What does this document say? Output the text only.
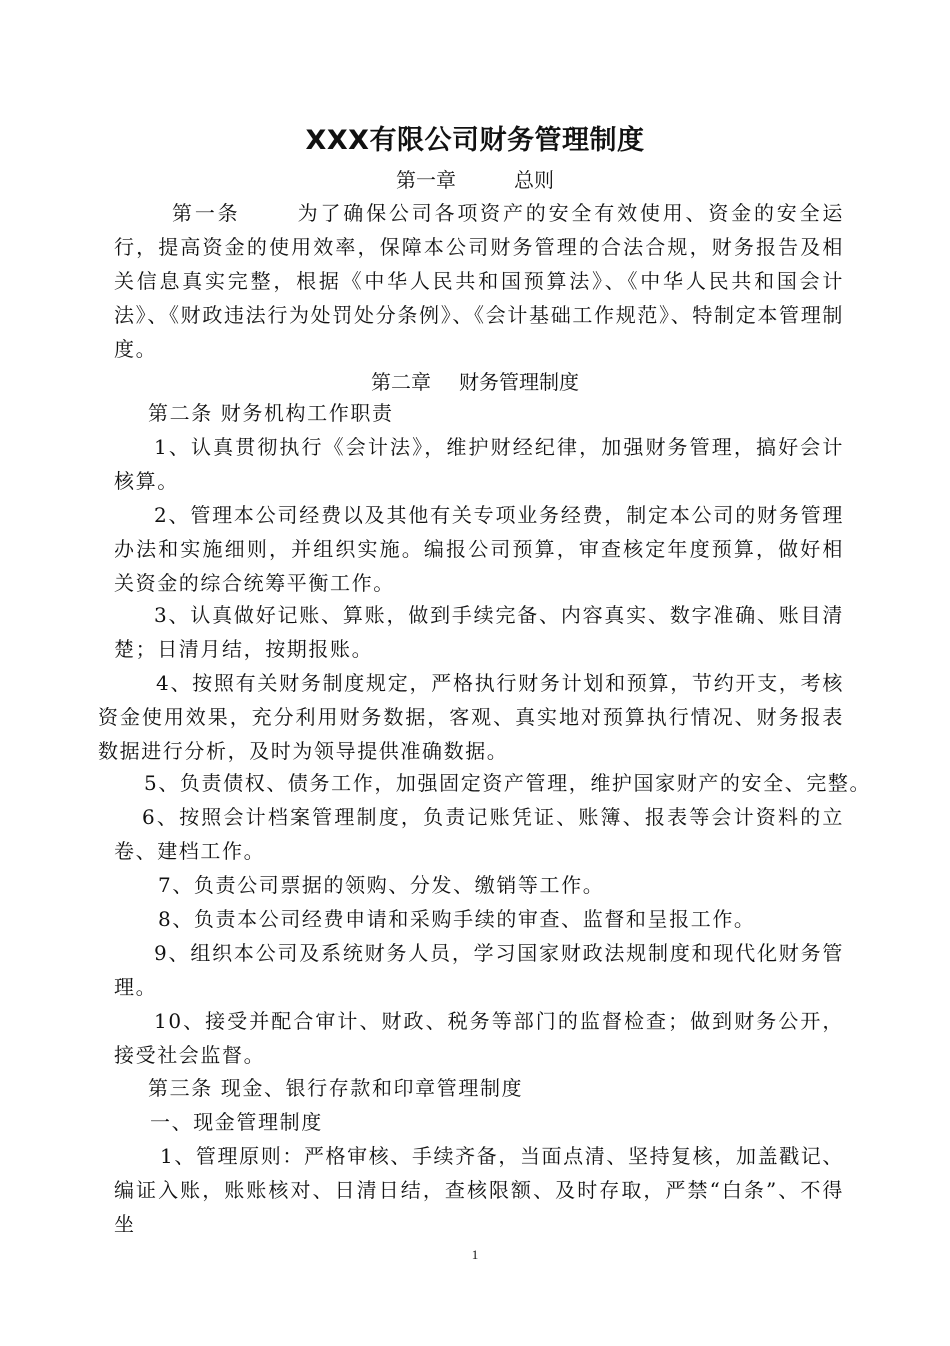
XXX有限公司财务管理制度
第一章	总则

第一条	为了确保公司各项资产的安全有效使用、资金的安全运行，提高资金的使用效率，保障本公司财务管理的合法合规，财务报告及相关信息真实完整，根据《中华人民共和国预算法》、《中华人民共和国会计法》、《财政违法行为处罚处分条例》、《会计基础工作规范》、特制定本管理制度。

第二章 财务管理制度

第二条 财务机构工作职责

1、认真贯彻执行《会计法》，维护财经纪律，加强财务管理，搞好会计核算。

2、管理本公司经费以及其他有关专项业务经费，制定本公司的财务管理办法和实施细则，并组织实施。编报公司预算，审查核定年度预算，做好相关资金的综合统筹平衡工作。

3、认真做好记账、算账，做到手续完备、内容真实、数字准确、账目清楚；日清月结，按期报账。

4、按照有关财务制度规定，严格执行财务计划和预算，节约开支，考核资金使用效果，充分利用财务数据，客观、真实地对预算执行情况、财务报表数据进行分析，及时为领导提供准确数据。

5、负责债权、债务工作，加强固定资产管理，维护国家财产的安全、完整。

6、按照会计档案管理制度，负责记账凭证、账簿、报表等会计资料的立卷、建档工作。

7、负责公司票据的领购、分发、缴销等工作。

8、负责本公司经费申请和采购手续的审查、监督和呈报工作。

9、组织本公司及系统财务人员，学习国家财政法规制度和现代化财务管理。

10、接受并配合审计、财政、税务等部门的监督检查；做到财务公开，接受社会监督。

第三条 现金、银行存款和印章管理制度

一、现金管理制度

1、管理原则：严格审核、手续齐备，当面点清、坚持复核，加盖戳记、编证入账，账账核对、日清日结，查核限额、及时存取，严禁“白条”、不得坐

1
